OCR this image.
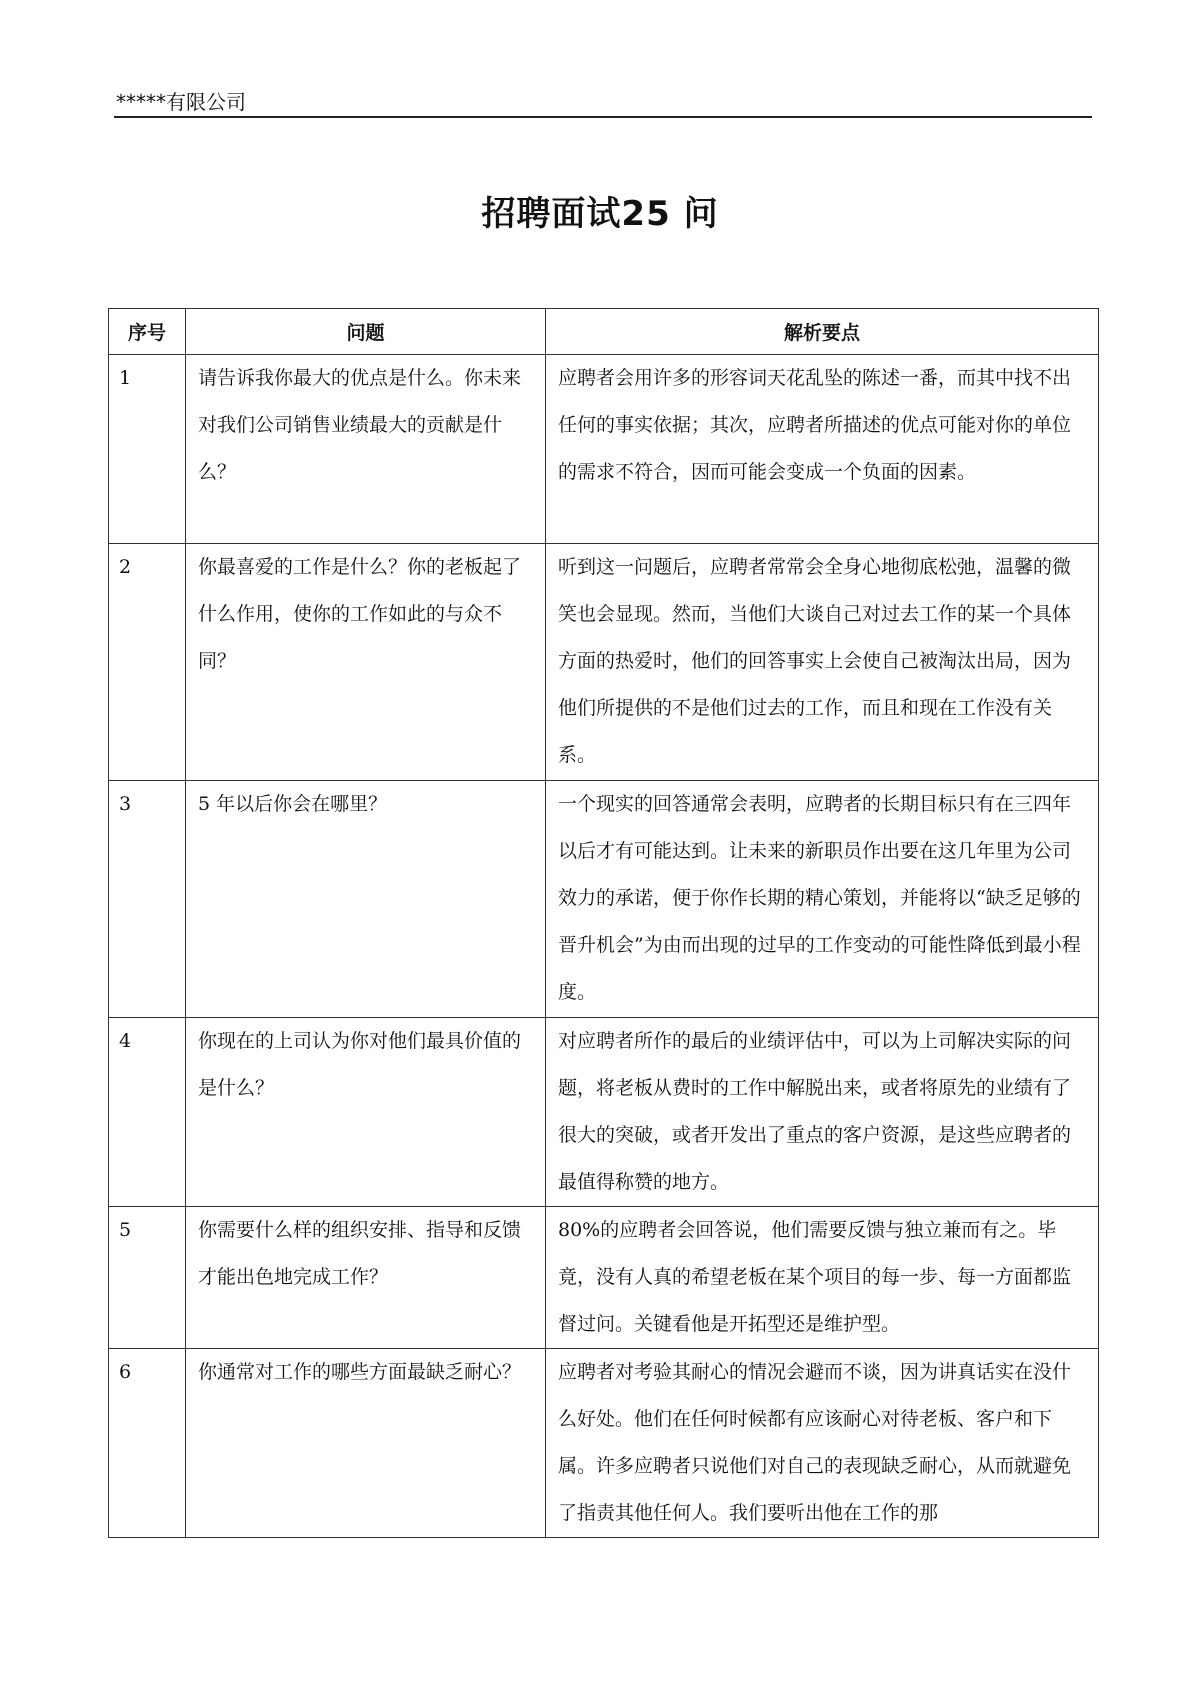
*****有限公司
招聘面试25 问
序号	问题	解析要点
1	请告诉我你最大的优点是什么。你未来对我们公司销售业绩最大的贡献是什么？	应聘者会用许多的形容词天花乱坠的陈述一番，而其中找不出任何的事实依据；其次，应聘者所描述的优点可能对你的单位的需求不符合，因而可能会变成一个负面的因素。
2	你最喜爱的工作是什么？你的老板起了什么作用，使你的工作如此的与众不同？	听到这一问题后，应聘者常常会全身心地彻底松弛，温馨的微笑也会显现。然而，当他们大谈自己对过去工作的某一个具体方面的热爱时，他们的回答事实上会使自己被淘汰出局，因为他们所提供的不是他们过去的工作，而且和现在工作没有关系。
3	5 年以后你会在哪里？	一个现实的回答通常会表明，应聘者的长期目标只有在三四年以后才有可能达到。让未来的新职员作出要在这几年里为公司效力的承诺，便于你作长期的精心策划，并能将以“缺乏足够的晋升机会”为由而出现的过早的工作变动的可能性降低到最小程度。
4	你现在的上司认为你对他们最具价值的是什么？	对应聘者所作的最后的业绩评估中，可以为上司解决实际的问题，将老板从费时的工作中解脱出来，或者将原先的业绩有了很大的突破，或者开发出了重点的客户资源，是这些应聘者的最值得称赞的地方。
5	你需要什么样的组织安排、指导和反馈才能出色地完成工作？	80%的应聘者会回答说，他们需要反馈与独立兼而有之。毕竟，没有人真的希望老板在某个项目的每一步、每一方面都监督过问。关键看他是开拓型还是维护型。
6	你通常对工作的哪些方面最缺乏耐心？	应聘者对考验其耐心的情况会避而不谈，因为讲真话实在没什么好处。他们在任何时候都有应该耐心对待老板、客户和下属。许多应聘者只说他们对自己的表现缺乏耐心，从而就避免了指责其他任何人。我们要听出他在工作的那
